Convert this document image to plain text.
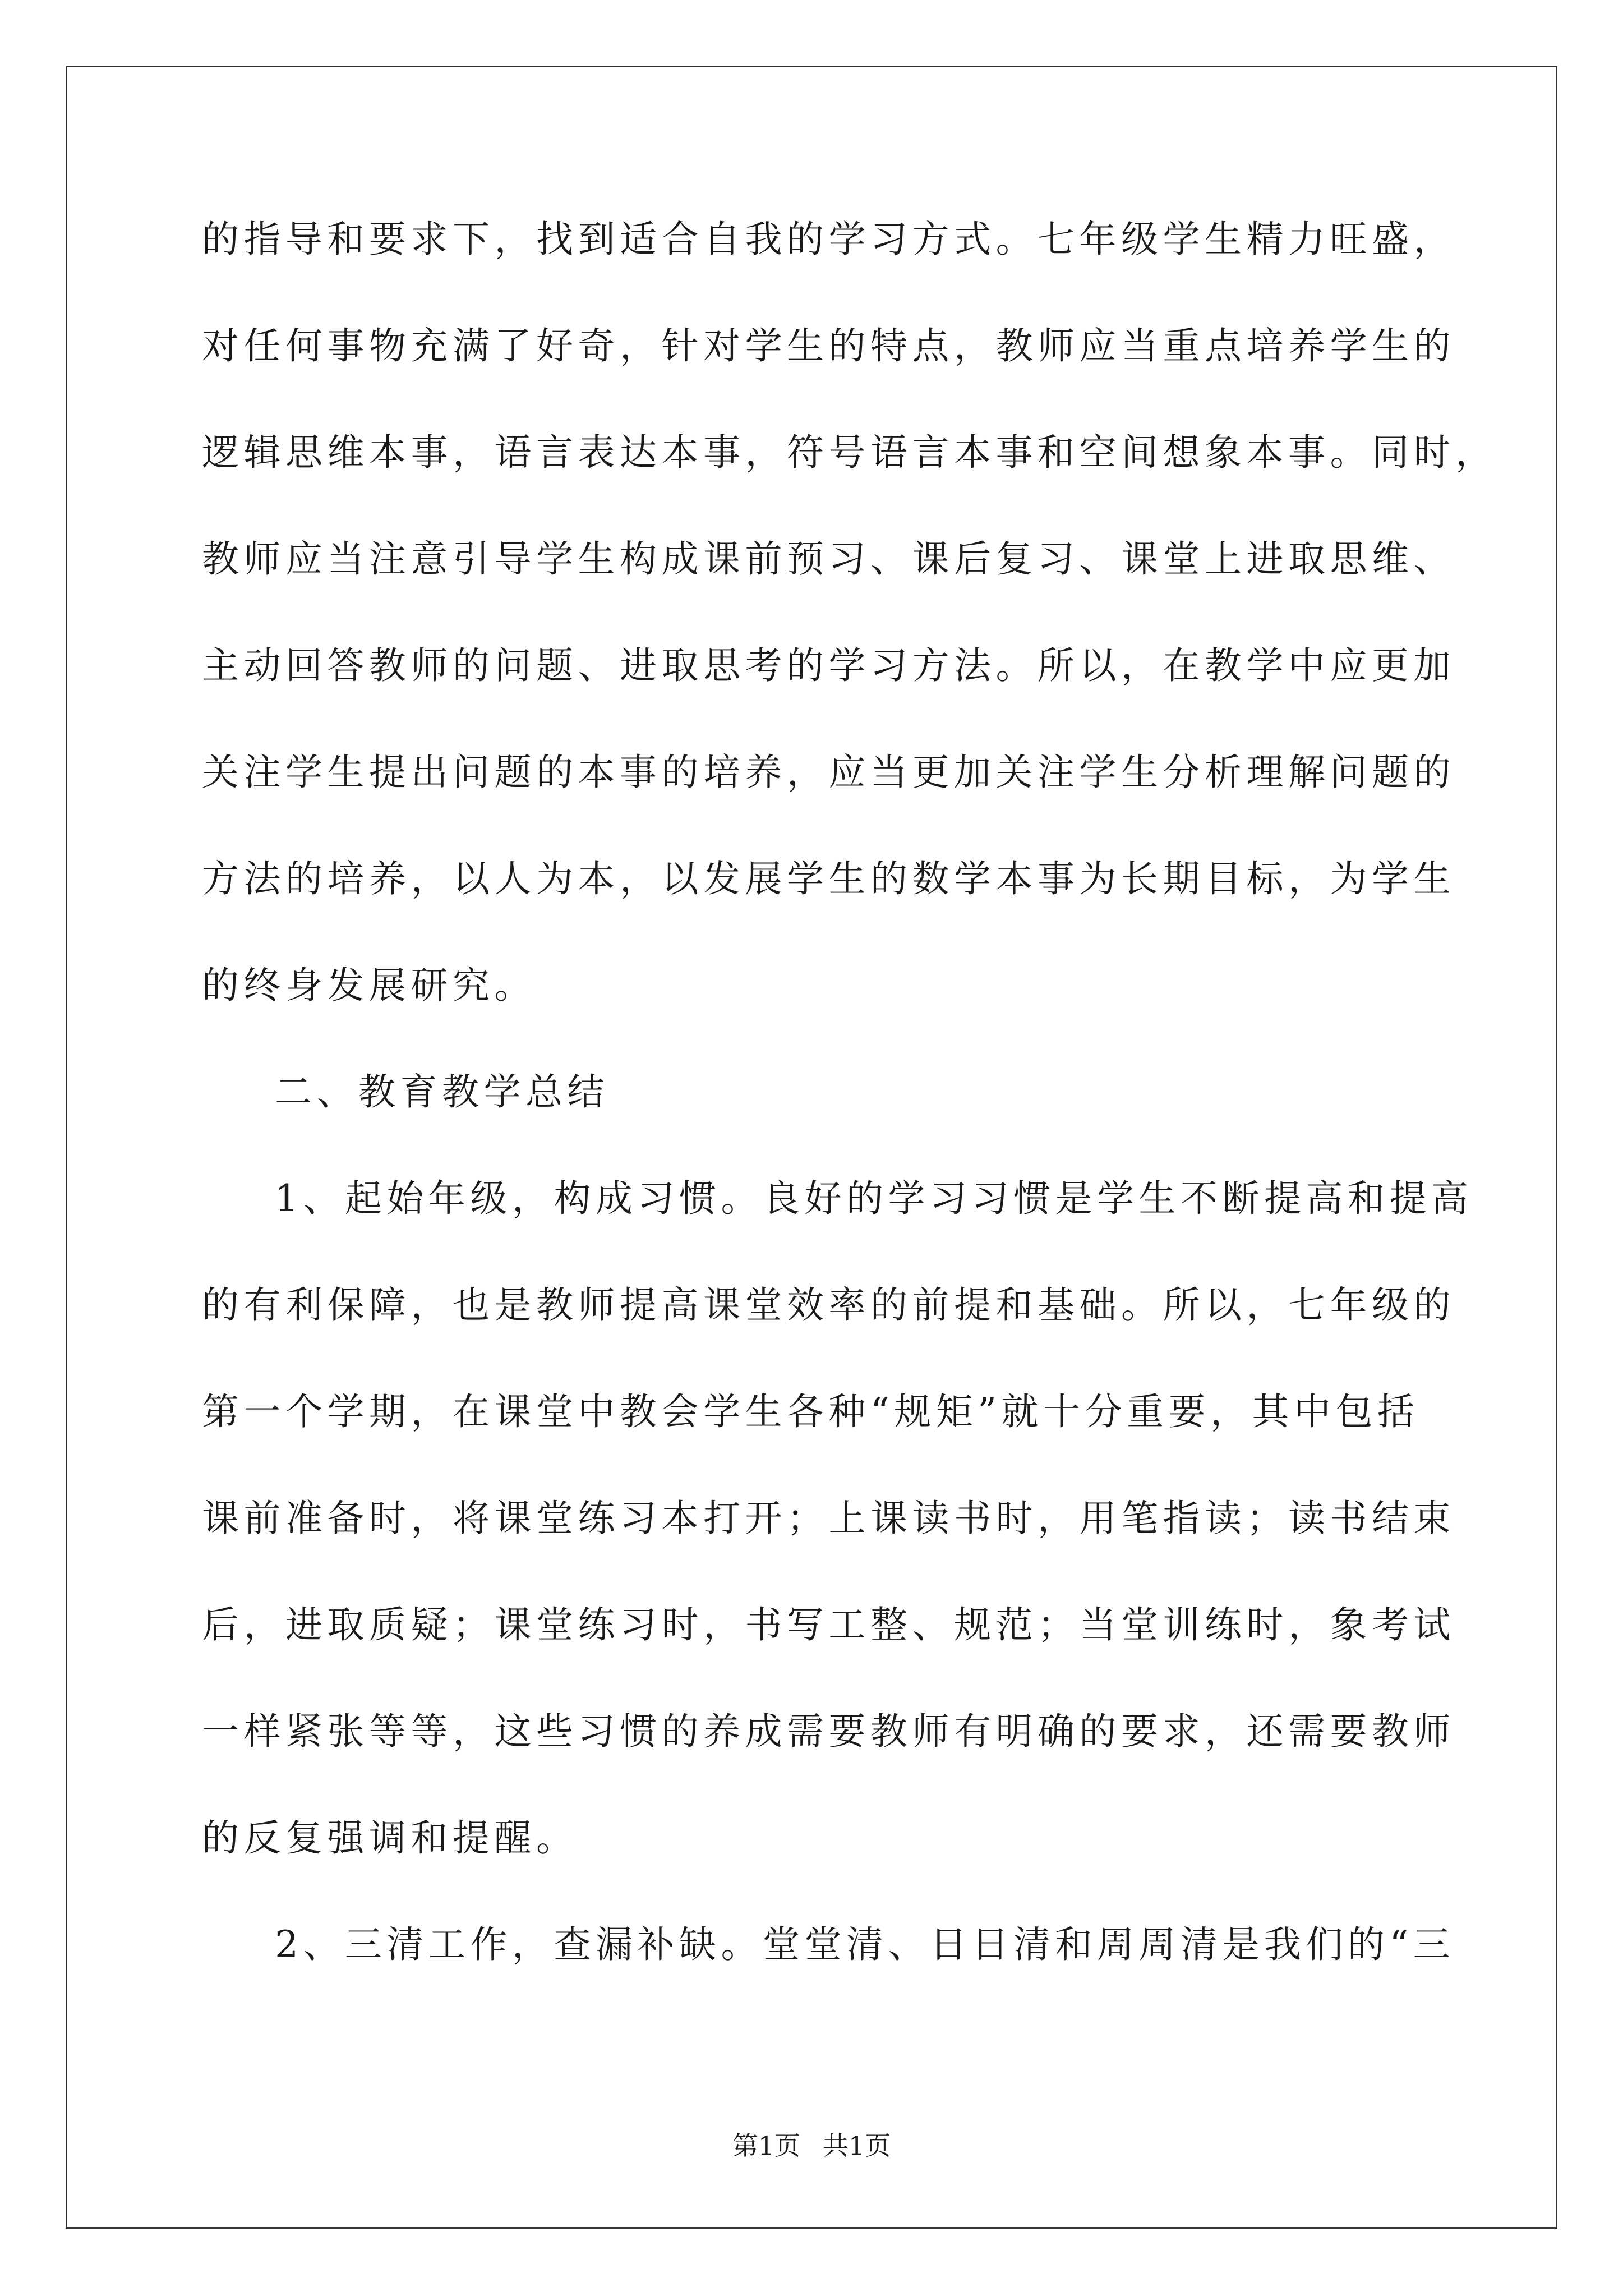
的指导和要求下，找到适合自我的学习方式。七年级学生精力旺盛，
对任何事物充满了好奇，针对学生的特点，教师应当重点培养学生的
逻辑思维本事，语言表达本事，符号语言本事和空间想象本事。同时，
教师应当注意引导学生构成课前预习、课后复习、课堂上进取思维、
主动回答教师的问题、进取思考的学习方法。所以，在教学中应更加
关注学生提出问题的本事的培养，应当更加关注学生分析理解问题的
方法的培养，以人为本，以发展学生的数学本事为长期目标，为学生
的终身发展研究。
二、教育教学总结
1、起始年级，构成习惯。良好的学习习惯是学生不断提高和提高
的有利保障，也是教师提高课堂效率的前提和基础。所以，七年级的
第一个学期，在课堂中教会学生各种“规矩”就十分重要，其中包括
课前准备时，将课堂练习本打开；上课读书时，用笔指读；读书结束
后，进取质疑；课堂练习时，书写工整、规范；当堂训练时，象考试
一样紧张等等，这些习惯的养成需要教师有明确的要求，还需要教师
的反复强调和提醒。
2、三清工作，查漏补缺。堂堂清、日日清和周周清是我们的“三
第1页 共1页
